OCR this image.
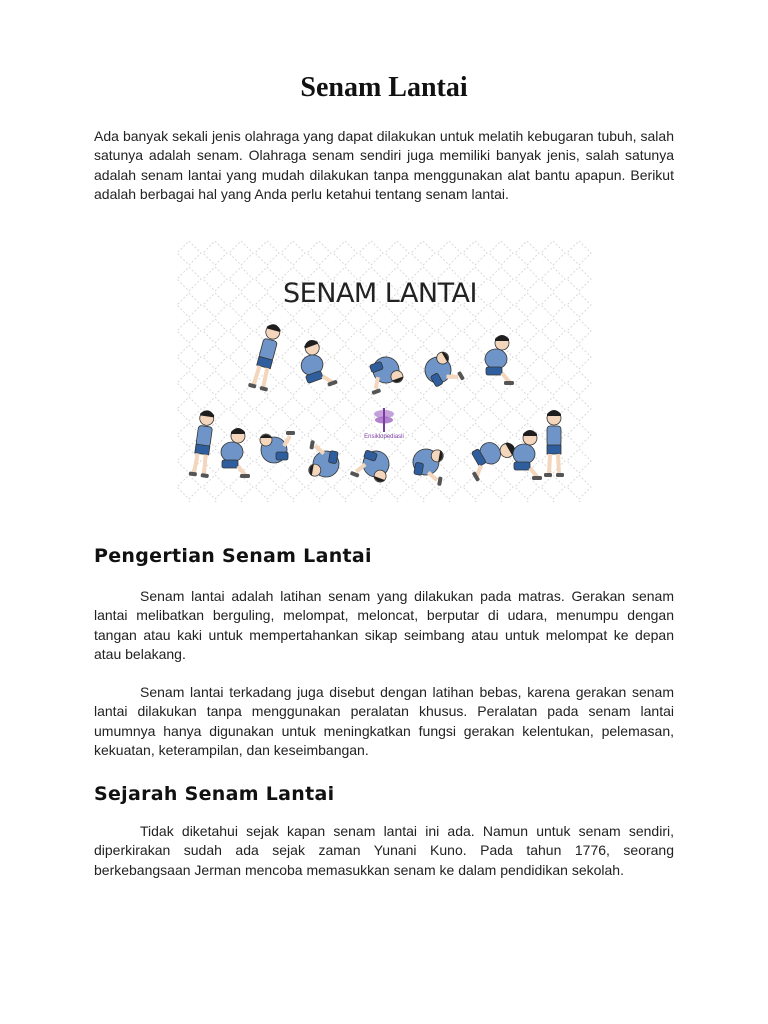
Senam Lantai

Ada banyak sekali jenis olahraga yang dapat dilakukan untuk melatih kebugaran tubuh, salah satunya adalah senam. Olahraga senam sendiri juga memiliki banyak jenis, salah satunya adalah senam lantai yang mudah dilakukan tanpa menggunakan alat bantu apapun. Berikut adalah berbagai hal yang Anda perlu ketahui tentang senam lantai.

SENAM LANTAI
Ensiklopediasli
Pengertian Senam Lantai

Senam lantai adalah latihan senam yang dilakukan pada matras. Gerakan senam lantai melibatkan berguling, melompat, meloncat, berputar di udara, menumpu dengan tangan atau kaki untuk mempertahankan sikap seimbang atau untuk melompat ke depan atau belakang.

Senam lantai terkadang juga disebut dengan latihan bebas, karena gerakan senam lantai dilakukan tanpa menggunakan peralatan khusus. Peralatan pada senam lantai umumnya hanya digunakan untuk meningkatkan fungsi gerakan kelentukan, pelemasan, kekuatan, keterampilan, dan keseimbangan.

Sejarah Senam Lantai

Tidak diketahui sejak kapan senam lantai ini ada. Namun untuk senam sendiri, diperkirakan sudah ada sejak zaman Yunani Kuno. Pada tahun 1776, seorang berkebangsaan Jerman mencoba memasukkan senam ke dalam pendidikan sekolah.
